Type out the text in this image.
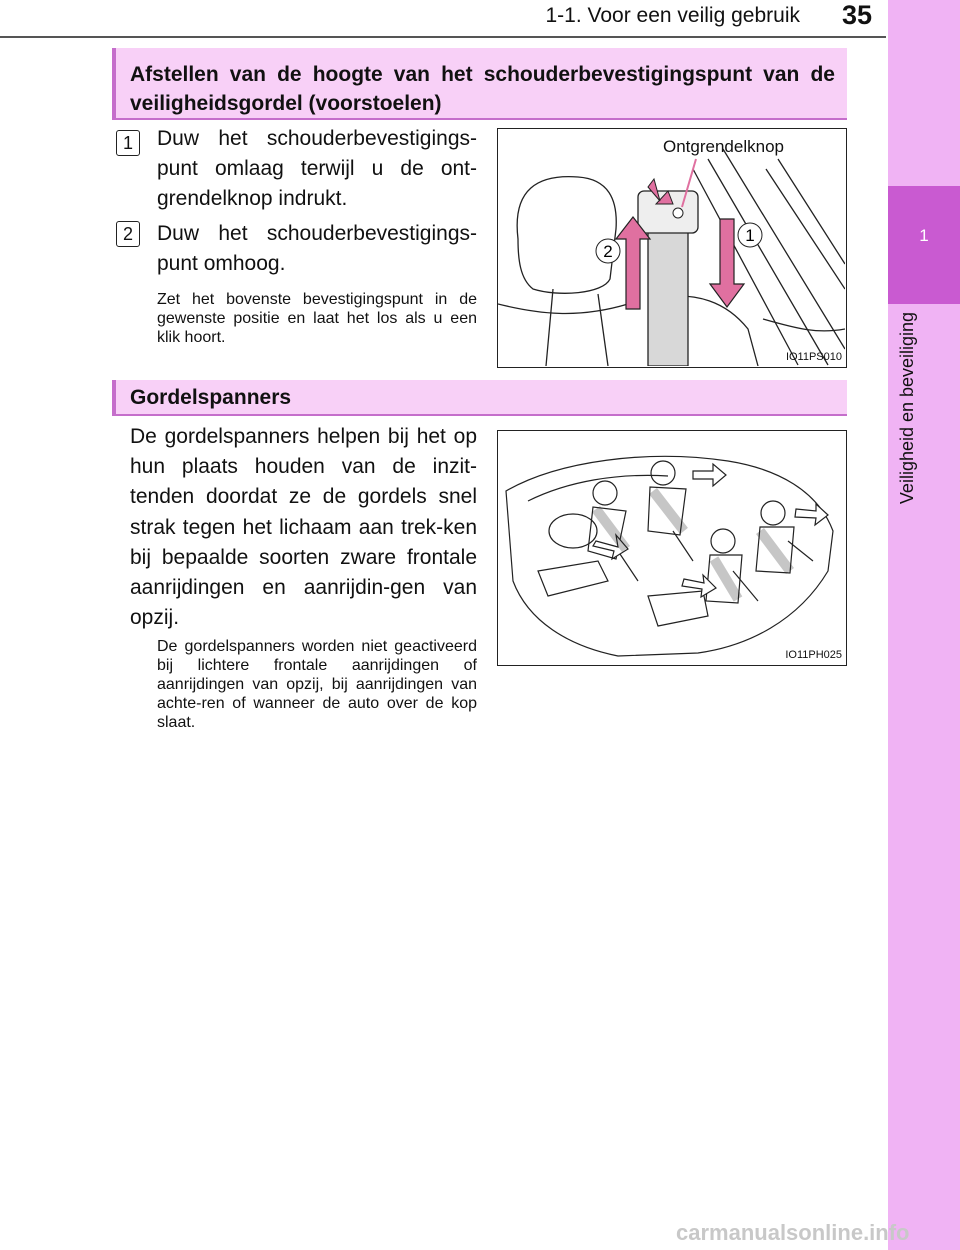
1-1. Voor een veilig gebruik	35
1
Veiligheid en beveiliging

Afstellen van de hoogte van het schouderbevestigingspunt van de veiligheidsgordel (voorstoelen)

1	Duw het schouderbevestigings-punt omlaag terwijl u de ont-grendelknop indrukt.
2	Duw het schouderbevestigings-punt omhoog.
Zet het bovenste bevestigingspunt in de gewenste positie en laat het los als u een klik hoort.
2
1
Ontgrendelknop
IO11PS010

Gordelspanners

De gordelspanners helpen bij het op hun plaats houden van de inzit-tenden doordat ze de gordels snel strak tegen het lichaam aan trek-ken bij bepaalde soorten zware frontale aanrijdingen en aanrijdin-gen van opzij.
De gordelspanners worden niet geactiveerd bij lichtere frontale aanrijdingen of aanrijdingen van opzij, bij aanrijdingen van achte-ren of wanneer de auto over de kop slaat.
IO11PH025
carmanualsonline.info
